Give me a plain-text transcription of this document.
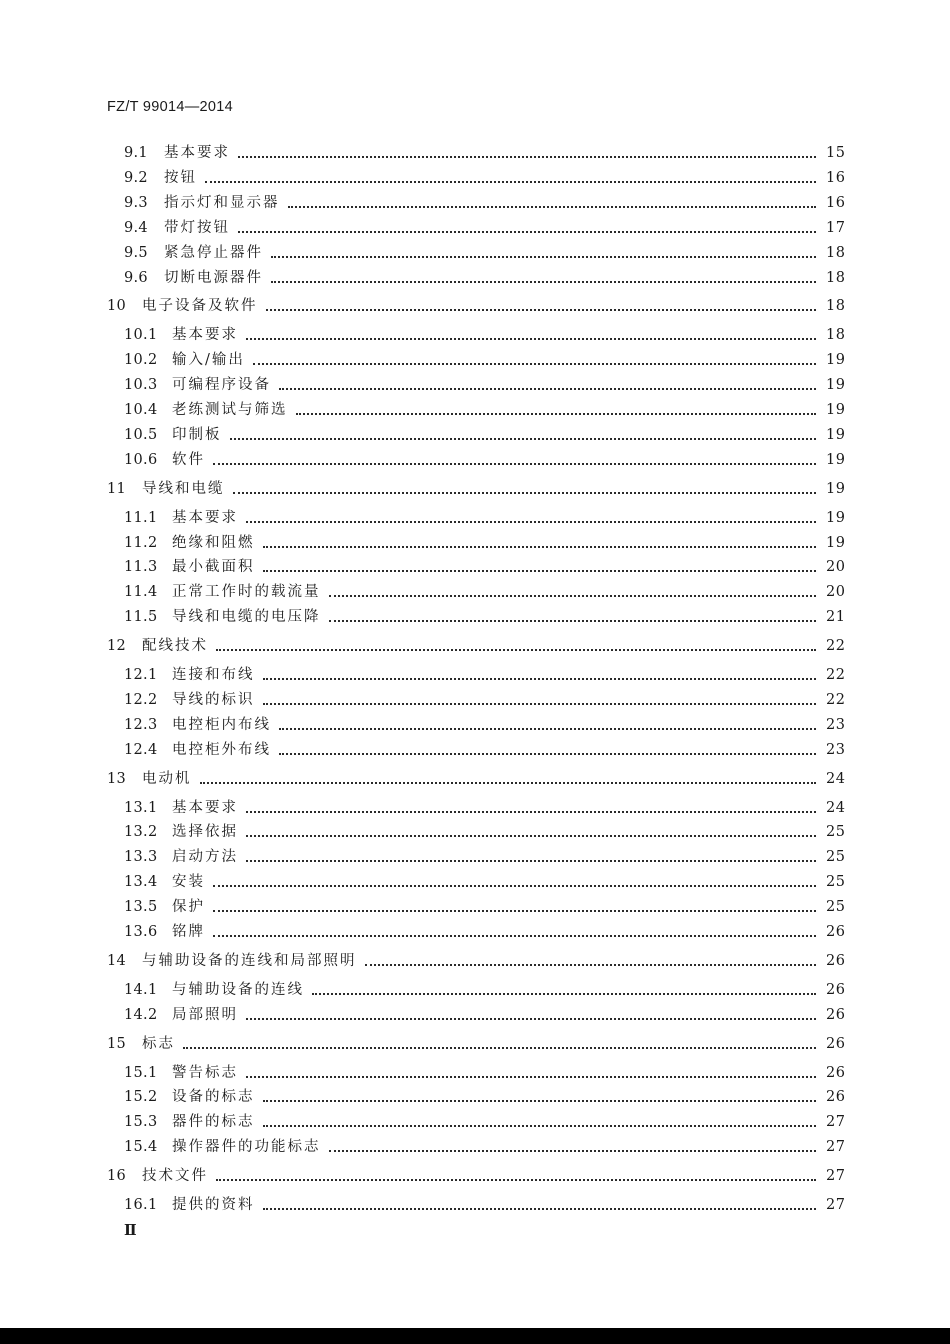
FZ/T 99014—2014
9.1 基本要求	15
9.2 按钮	16
9.3 指示灯和显示器	16
9.4 带灯按钮	17
9.5 紧急停止器件	18
9.6 切断电源器件	18
10 电子设备及软件	18
10.1 基本要求	18
10.2 输入/输出	19
10.3 可编程序设备	19
10.4 老练测试与筛选	19
10.5 印制板	19
10.6 软件	19
11 导线和电缆	19
11.1 基本要求	19
11.2 绝缘和阻燃	19
11.3 最小截面积	20
11.4 正常工作时的载流量	20
11.5 导线和电缆的电压降	21
12 配线技术	22
12.1 连接和布线	22
12.2 导线的标识	22
12.3 电控柜内布线	23
12.4 电控柜外布线	23
13 电动机	24
13.1 基本要求	24
13.2 选择依据	25
13.3 启动方法	25
13.4 安装	25
13.5 保护	25
13.6 铭牌	26
14 与辅助设备的连线和局部照明	26
14.1 与辅助设备的连线	26
14.2 局部照明	26
15 标志	26
15.1 警告标志	26
15.2 设备的标志	26
15.3 器件的标志	27
15.4 操作器件的功能标志	27
16 技术文件	27
16.1 提供的资料	27
Ⅱ
